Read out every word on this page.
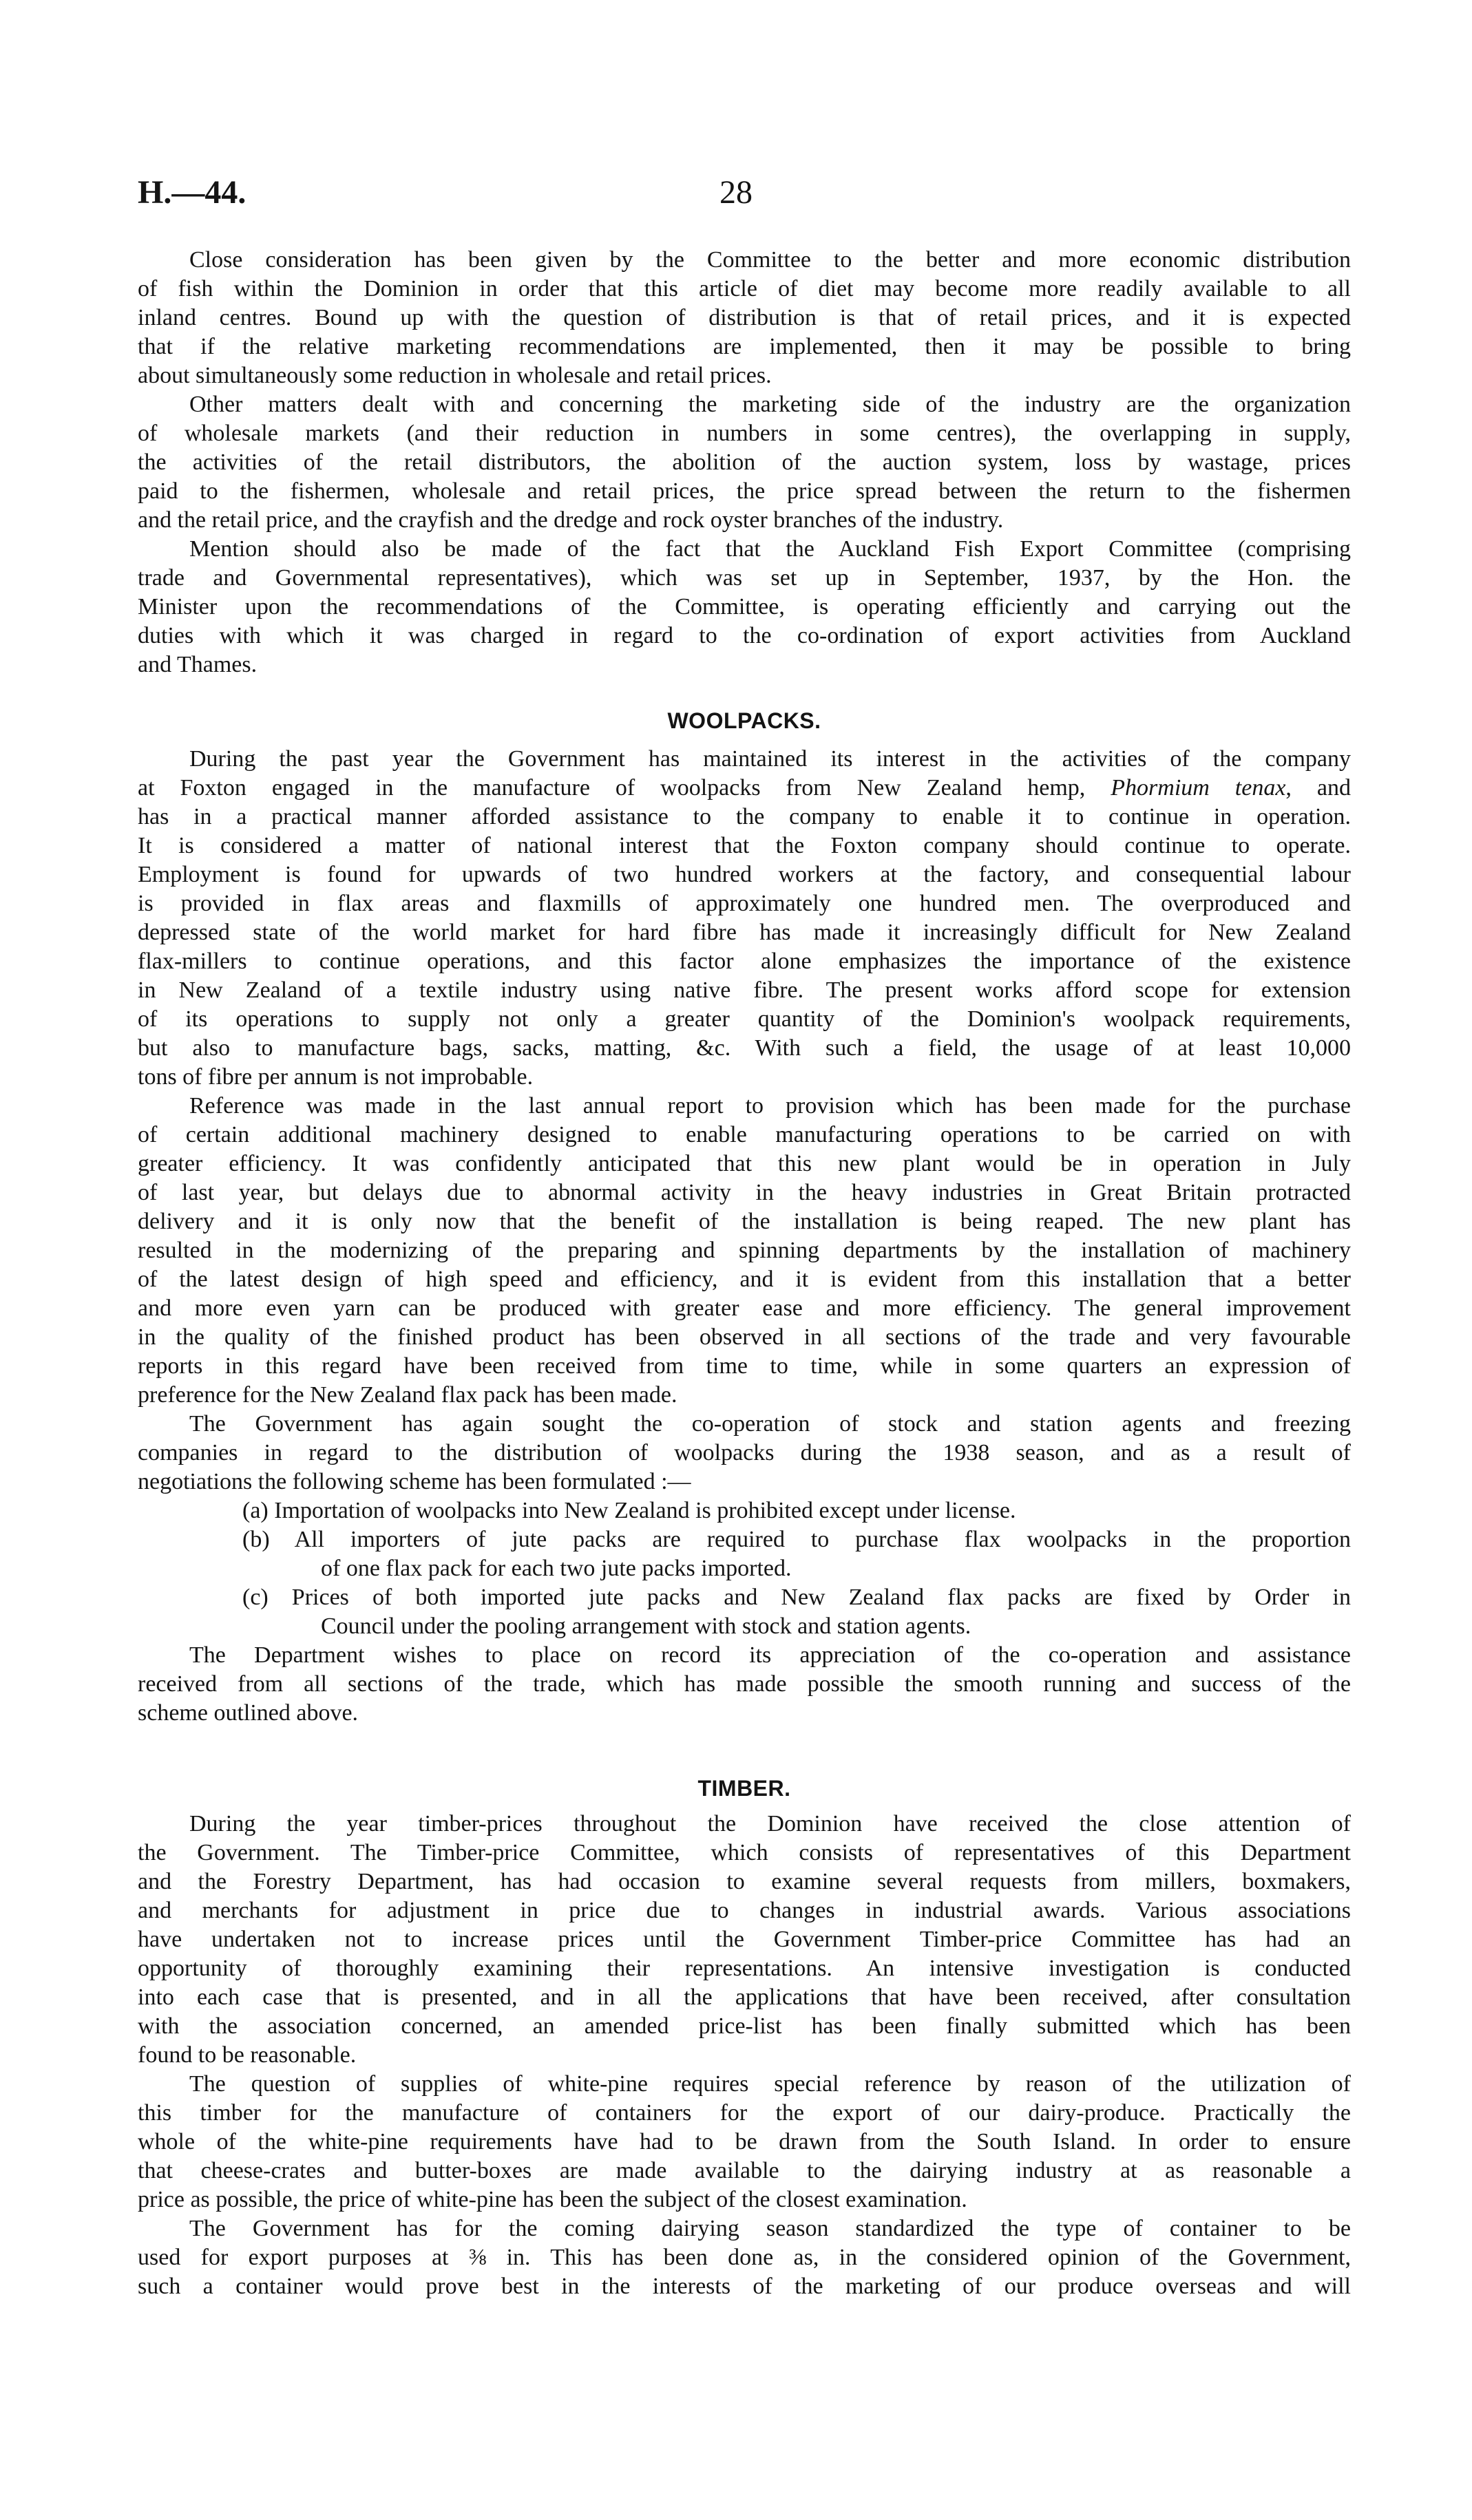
H.—44.	28
Close consideration has been given by the Committee to the better and more economic distribution
of fish within the Dominion in order that this article of diet may become more readily available to all
inland centres. Bound up with the question of distribution is that of retail prices, and it is expected
that if the relative marketing recommendations are implemented, then it may be possible to bring
about simultaneously some reduction in wholesale and retail prices.
Other matters dealt with and concerning the marketing side of the industry are the organization
of wholesale markets (and their reduction in numbers in some centres), the overlapping in supply,
the activities of the retail distributors, the abolition of the auction system, loss by wastage, prices
paid to the fishermen, wholesale and retail prices, the price spread between the return to the fishermen
and the retail price, and the crayfish and the dredge and rock oyster branches of the industry.
Mention should also be made of the fact that the Auckland Fish Export Committee (comprising
trade and Governmental representatives), which was set up in September, 1937, by the Hon. the
Minister upon the recommendations of the Committee, is operating efficiently and carrying out the
duties with which it was charged in regard to the co-ordination of export activities from Auckland
and Thames.
WOOLPACKS.
During the past year the Government has maintained its interest in the activities of the company
at Foxton engaged in the manufacture of woolpacks from New Zealand hemp, Phormium tenax, and
has in a practical manner afforded assistance to the company to enable it to continue in operation.
It is considered a matter of national interest that the Foxton company should continue to operate.
Employment is found for upwards of two hundred workers at the factory, and consequential labour
is provided in flax areas and flaxmills of approximately one hundred men. The overproduced and
depressed state of the world market for hard fibre has made it increasingly difficult for New Zealand
flax-millers to continue operations, and this factor alone emphasizes the importance of the existence
in New Zealand of a textile industry using native fibre. The present works afford scope for extension
of its operations to supply not only a greater quantity of the Dominion's woolpack requirements,
but also to manufacture bags, sacks, matting, &c. With such a field, the usage of at least 10,000
tons of fibre per annum is not improbable.
Reference was made in the last annual report to provision which has been made for the purchase
of certain additional machinery designed to enable manufacturing operations to be carried on with
greater efficiency. It was confidently anticipated that this new plant would be in operation in July
of last year, but delays due to abnormal activity in the heavy industries in Great Britain protracted
delivery and it is only now that the benefit of the installation is being reaped. The new plant has
resulted in the modernizing of the preparing and spinning departments by the installation of machinery
of the latest design of high speed and efficiency, and it is evident from this installation that a better
and more even yarn can be produced with greater ease and more efficiency. The general improvement
in the quality of the finished product has been observed in all sections of the trade and very favourable
reports in this regard have been received from time to time, while in some quarters an expression of
preference for the New Zealand flax pack has been made.
The Government has again sought the co-operation of stock and station agents and freezing
companies in regard to the distribution of woolpacks during the 1938 season, and as a result of
negotiations the following scheme has been formulated :—
(a) Importation of woolpacks into New Zealand is prohibited except under license.
(b) All importers of jute packs are required to purchase flax woolpacks in the proportion
of one flax pack for each two jute packs imported.
(c) Prices of both imported jute packs and New Zealand flax packs are fixed by Order in
Council under the pooling arrangement with stock and station agents.
The Department wishes to place on record its appreciation of the co-operation and assistance
received from all sections of the trade, which has made possible the smooth running and success of the
scheme outlined above.
TIMBER.
During the year timber-prices throughout the Dominion have received the close attention of
the Government. The Timber-price Committee, which consists of representatives of this Department
and the Forestry Department, has had occasion to examine several requests from millers, boxmakers,
and merchants for adjustment in price due to changes in industrial awards. Various associations
have undertaken not to increase prices until the Government Timber-price Committee has had an
opportunity of thoroughly examining their representations. An intensive investigation is conducted
into each case that is presented, and in all the applications that have been received, after consultation
with the association concerned, an amended price-list has been finally submitted which has been
found to be reasonable.
The question of supplies of white-pine requires special reference by reason of the utilization of
this timber for the manufacture of containers for the export of our dairy-produce. Practically the
whole of the white-pine requirements have had to be drawn from the South Island. In order to ensure
that cheese-crates and butter-boxes are made available to the dairying industry at as reasonable a
price as possible, the price of white-pine has been the subject of the closest examination.
The Government has for the coming dairying season standardized the type of container to be
used for export purposes at ⅜ in. This has been done as, in the considered opinion of the Government,
such a container would prove best in the interests of the marketing of our produce overseas and will
